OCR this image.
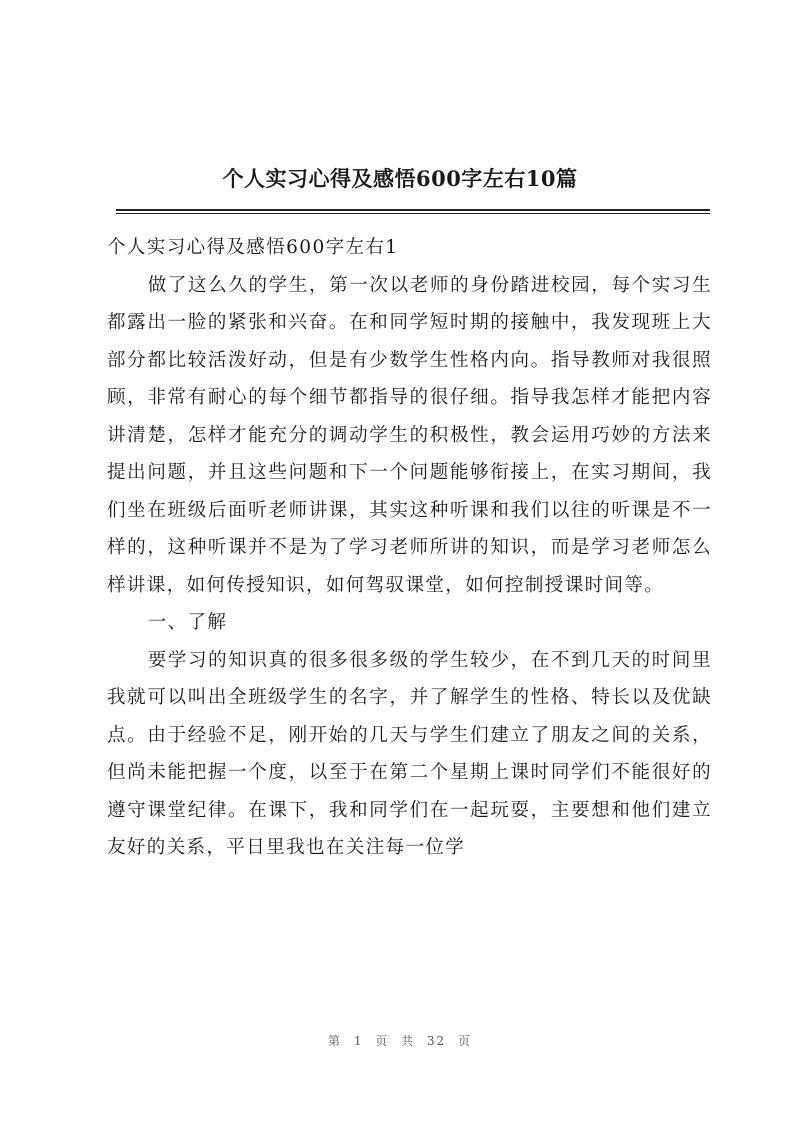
个人实习心得及感悟600字左右10篇

个人实习心得及感悟600字左右1

做了这么久的学生，第一次以老师的身份踏进校园，每个实习生都露出一脸的紧张和兴奋。在和同学短时期的接触中，我发现班上大部分都比较活泼好动，但是有少数学生性格内向。指导教师对我很照顾，非常有耐心的每个细节都指导的很仔细。指导我怎样才能把内容讲清楚，怎样才能充分的调动学生的积极性，教会运用巧妙的方法来提出问题，并且这些问题和下一个问题能够衔接上，在实习期间，我们坐在班级后面听老师讲课，其实这种听课和我们以往的听课是不一样的，这种听课并不是为了学习老师所讲的知识，而是学习老师怎么样讲课，如何传授知识，如何驾驭课堂，如何控制授课时间等。

一、了解

要学习的知识真的很多很多级的学生较少，在不到几天的时间里我就可以叫出全班级学生的名字，并了解学生的性格、特长以及优缺点。由于经验不足，刚开始的几天与学生们建立了朋友之间的关系，但尚未能把握一个度，以至于在第二个星期上课时同学们不能很好的遵守课堂纪律。在课下，我和同学们在一起玩耍，主要想和他们建立友好的关系，平日里我也在关注每一位学

第 1 页 共 32 页
